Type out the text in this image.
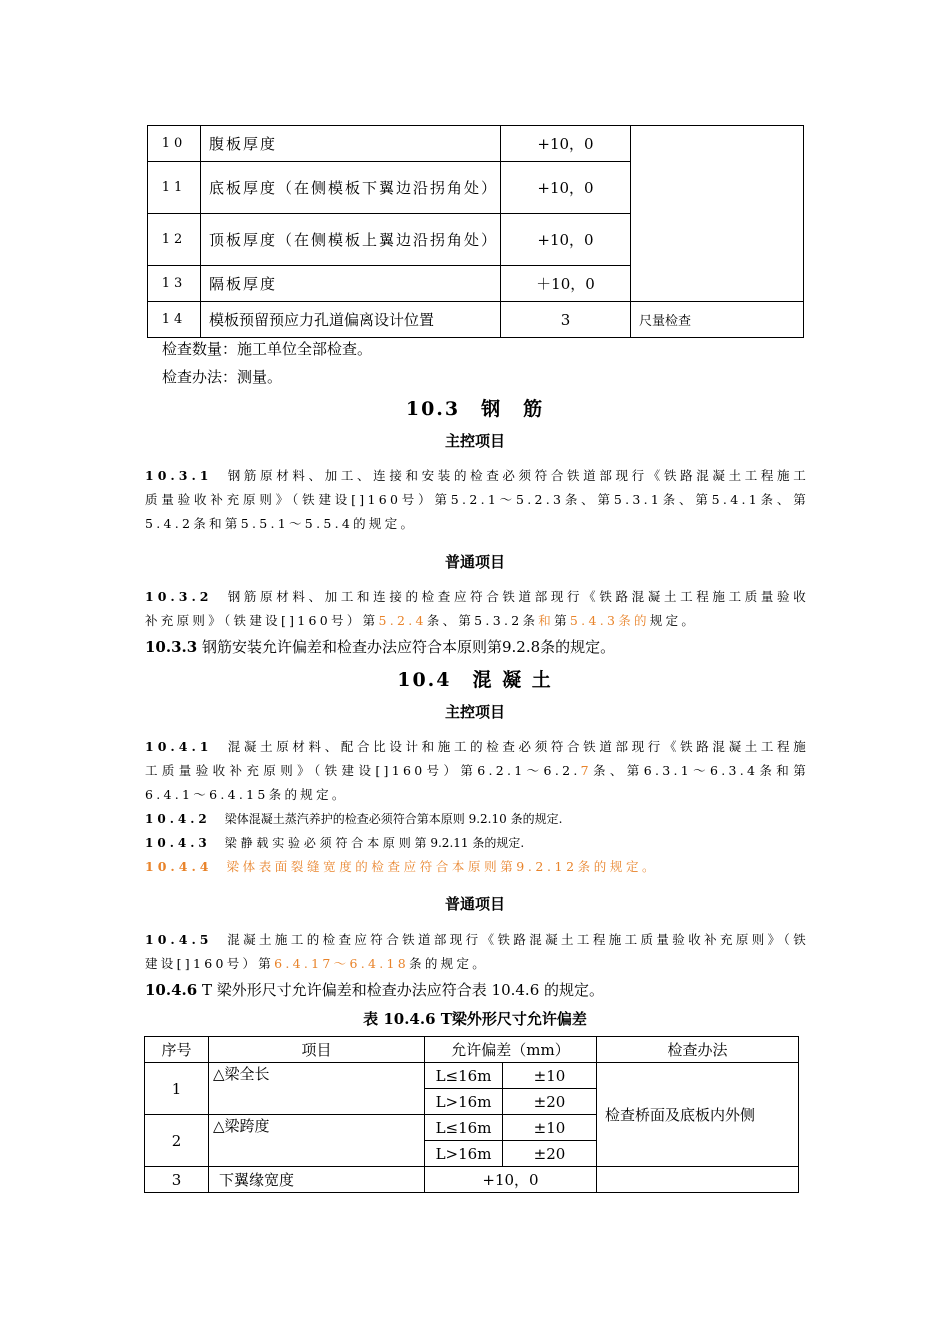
10	腹板厚度	+10，0	
11	底板厚度（在侧模板下翼边沿拐角处）	+10，0	
12	顶板厚度（在侧模板上翼边沿拐角处）	+10，0	
13	隔板厚度	＋10，0	
14	模板预留预应力孔道偏离设计位置	3	尺量检查
检查数量：施工单位全部检查。
检查办法：测量。
10.3　钢　筋
主控项目
10.3.1 钢筋原材料、加工、连接和安装的检查必须符合铁道部现行《铁路混凝土工程施工质量验收补充原则》（铁建设[]160号）第5.2.1～5.2.3条、第5.3.1条、第5.4.1条、第5.4.2条和第5.5.1～5.5.4的规定。
普通项目
10.3.2 钢筋原材料、加工和连接的检查应符合铁道部现行《铁路混凝土工程施工质量验收补充原则》（铁建设[]160号）第5.2.4条、第5.3.2条和第5.4.3条的规定。
10.3.3 钢筋安装允许偏差和检查办法应符合本原则第9.2.8条的规定。
10.4　混 凝 土
主控项目
10.4.1 混凝土原材料、配合比设计和施工的检查必须符合铁道部现行《铁路混凝土工程施工质量验收补充原则》（铁建设[]160号）第6.2.1～6.2.7条、第6.3.1～6.3.4条和第6.4.1～6.4.15条的规定。
10.4.2 梁体混凝土蒸汽养护的检查必须符合第本原则 9.2.10 条的规定.
10.4.3 梁 静 载 实 验 必 须 符 合 本 原 则 第 9.2.11 条的规定.
10.4.4 梁体表面裂缝宽度的检查应符合本原则第9.2.12条的规定。
普通项目
10.4.5 混凝土施工的检查应符合铁道部现行《铁路混凝土工程施工质量验收补充原则》（铁建设[]160号）第6.4.17～6.4.18条的规定。
10.4.6 T 梁外形尺寸允许偏差和检查办法应符合表 10.4.6 的规定。
表 10.4.6 T梁外形尺寸允许偏差
序号	项目	允许偏差（mm）		检查办法
1	△梁全长	L≤16m	±10	检查桥面及底板内外侧
		L>16m	±20	
2	△梁跨度	L≤16m	±10	
		L>16m	±20	
3	下翼缘宽度	+10，0		
